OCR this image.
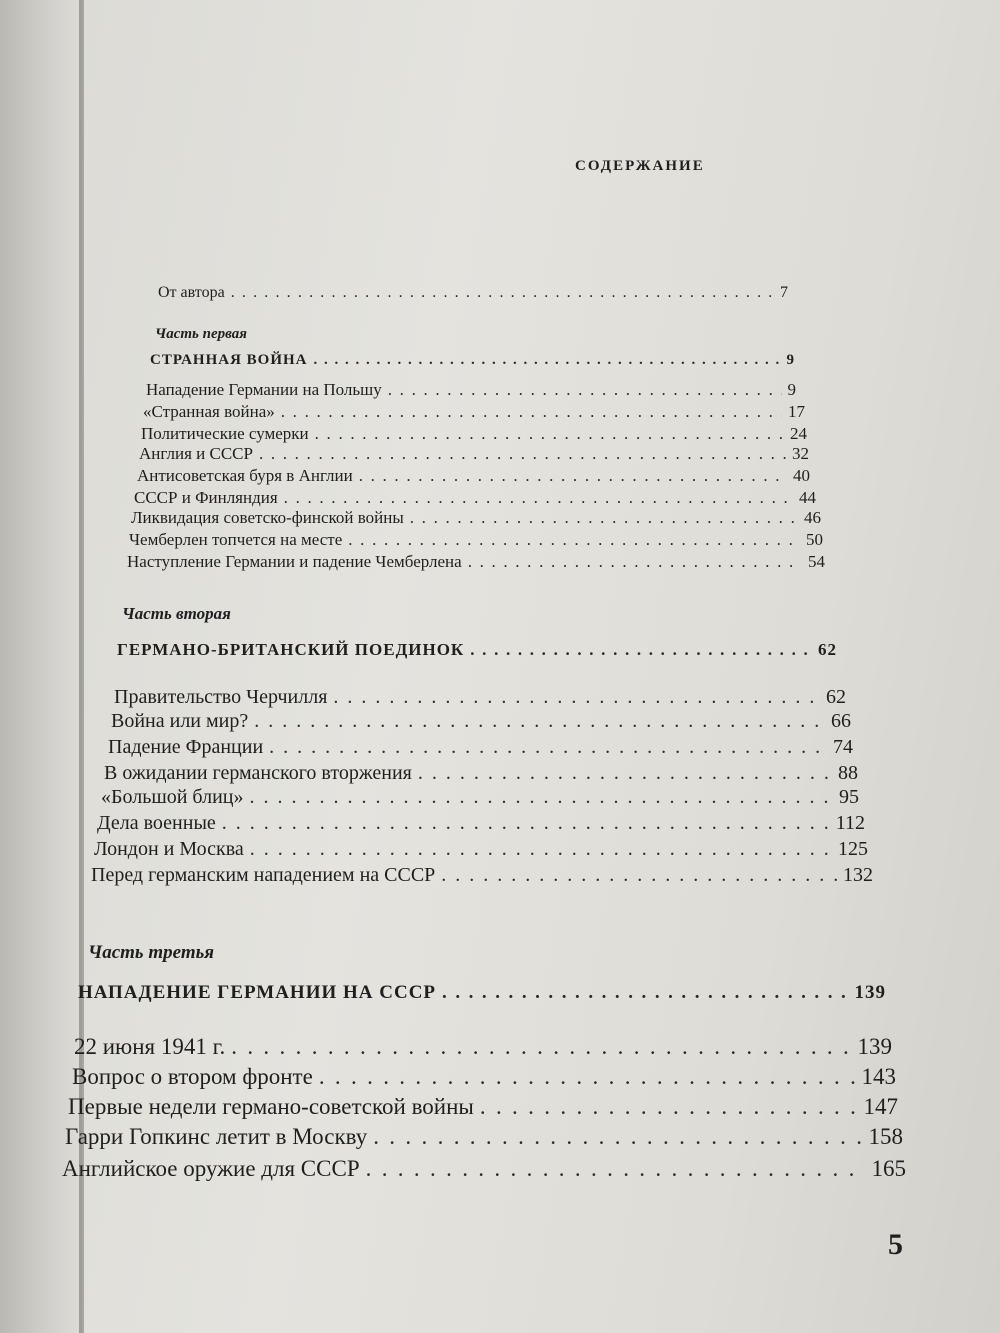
СОДЕРЖАНИЕ
От автора . . .	7
Часть первая
СТРАННАЯ ВОЙНА . . .	9
Нападение Германии на Польшу . . .	9
«Странная война» . . .	17
Политические сумерки . . .	24
Англия и СССР . . .	32
Антисоветская буря в Англии . . .	40
СССР и Финляндия . . .	44
Ликвидация советско-финской войны . . .	46
Чемберлен топчется на месте . . .	50
Наступление Германии и падение Чемберлена . . .	54
Часть вторая
ГЕРМАНО-БРИТАНСКИЙ ПОЕДИНОК . . .	62
Правительство Черчилля . . .	62
Война или мир? . . .	66
Падение Франции . . .	74
В ожидании германского вторжения . . .	88
«Большой блиц» . . .	95
Дела военные . . .	112
Лондон и Москва . . .	125
Перед германским нападением на СССР . . .	132
Часть третья
НАПАДЕНИЕ ГЕРМАНИИ НА СССР . . .	139
22 июня 1941 г. . . .	139
Вопрос о втором фронте . . .	143
Первые недели германо-советской войны . . .	147
Гарри Гопкинс летит в Москву . . .	158
Английское оружие для СССР . . .	165
5
